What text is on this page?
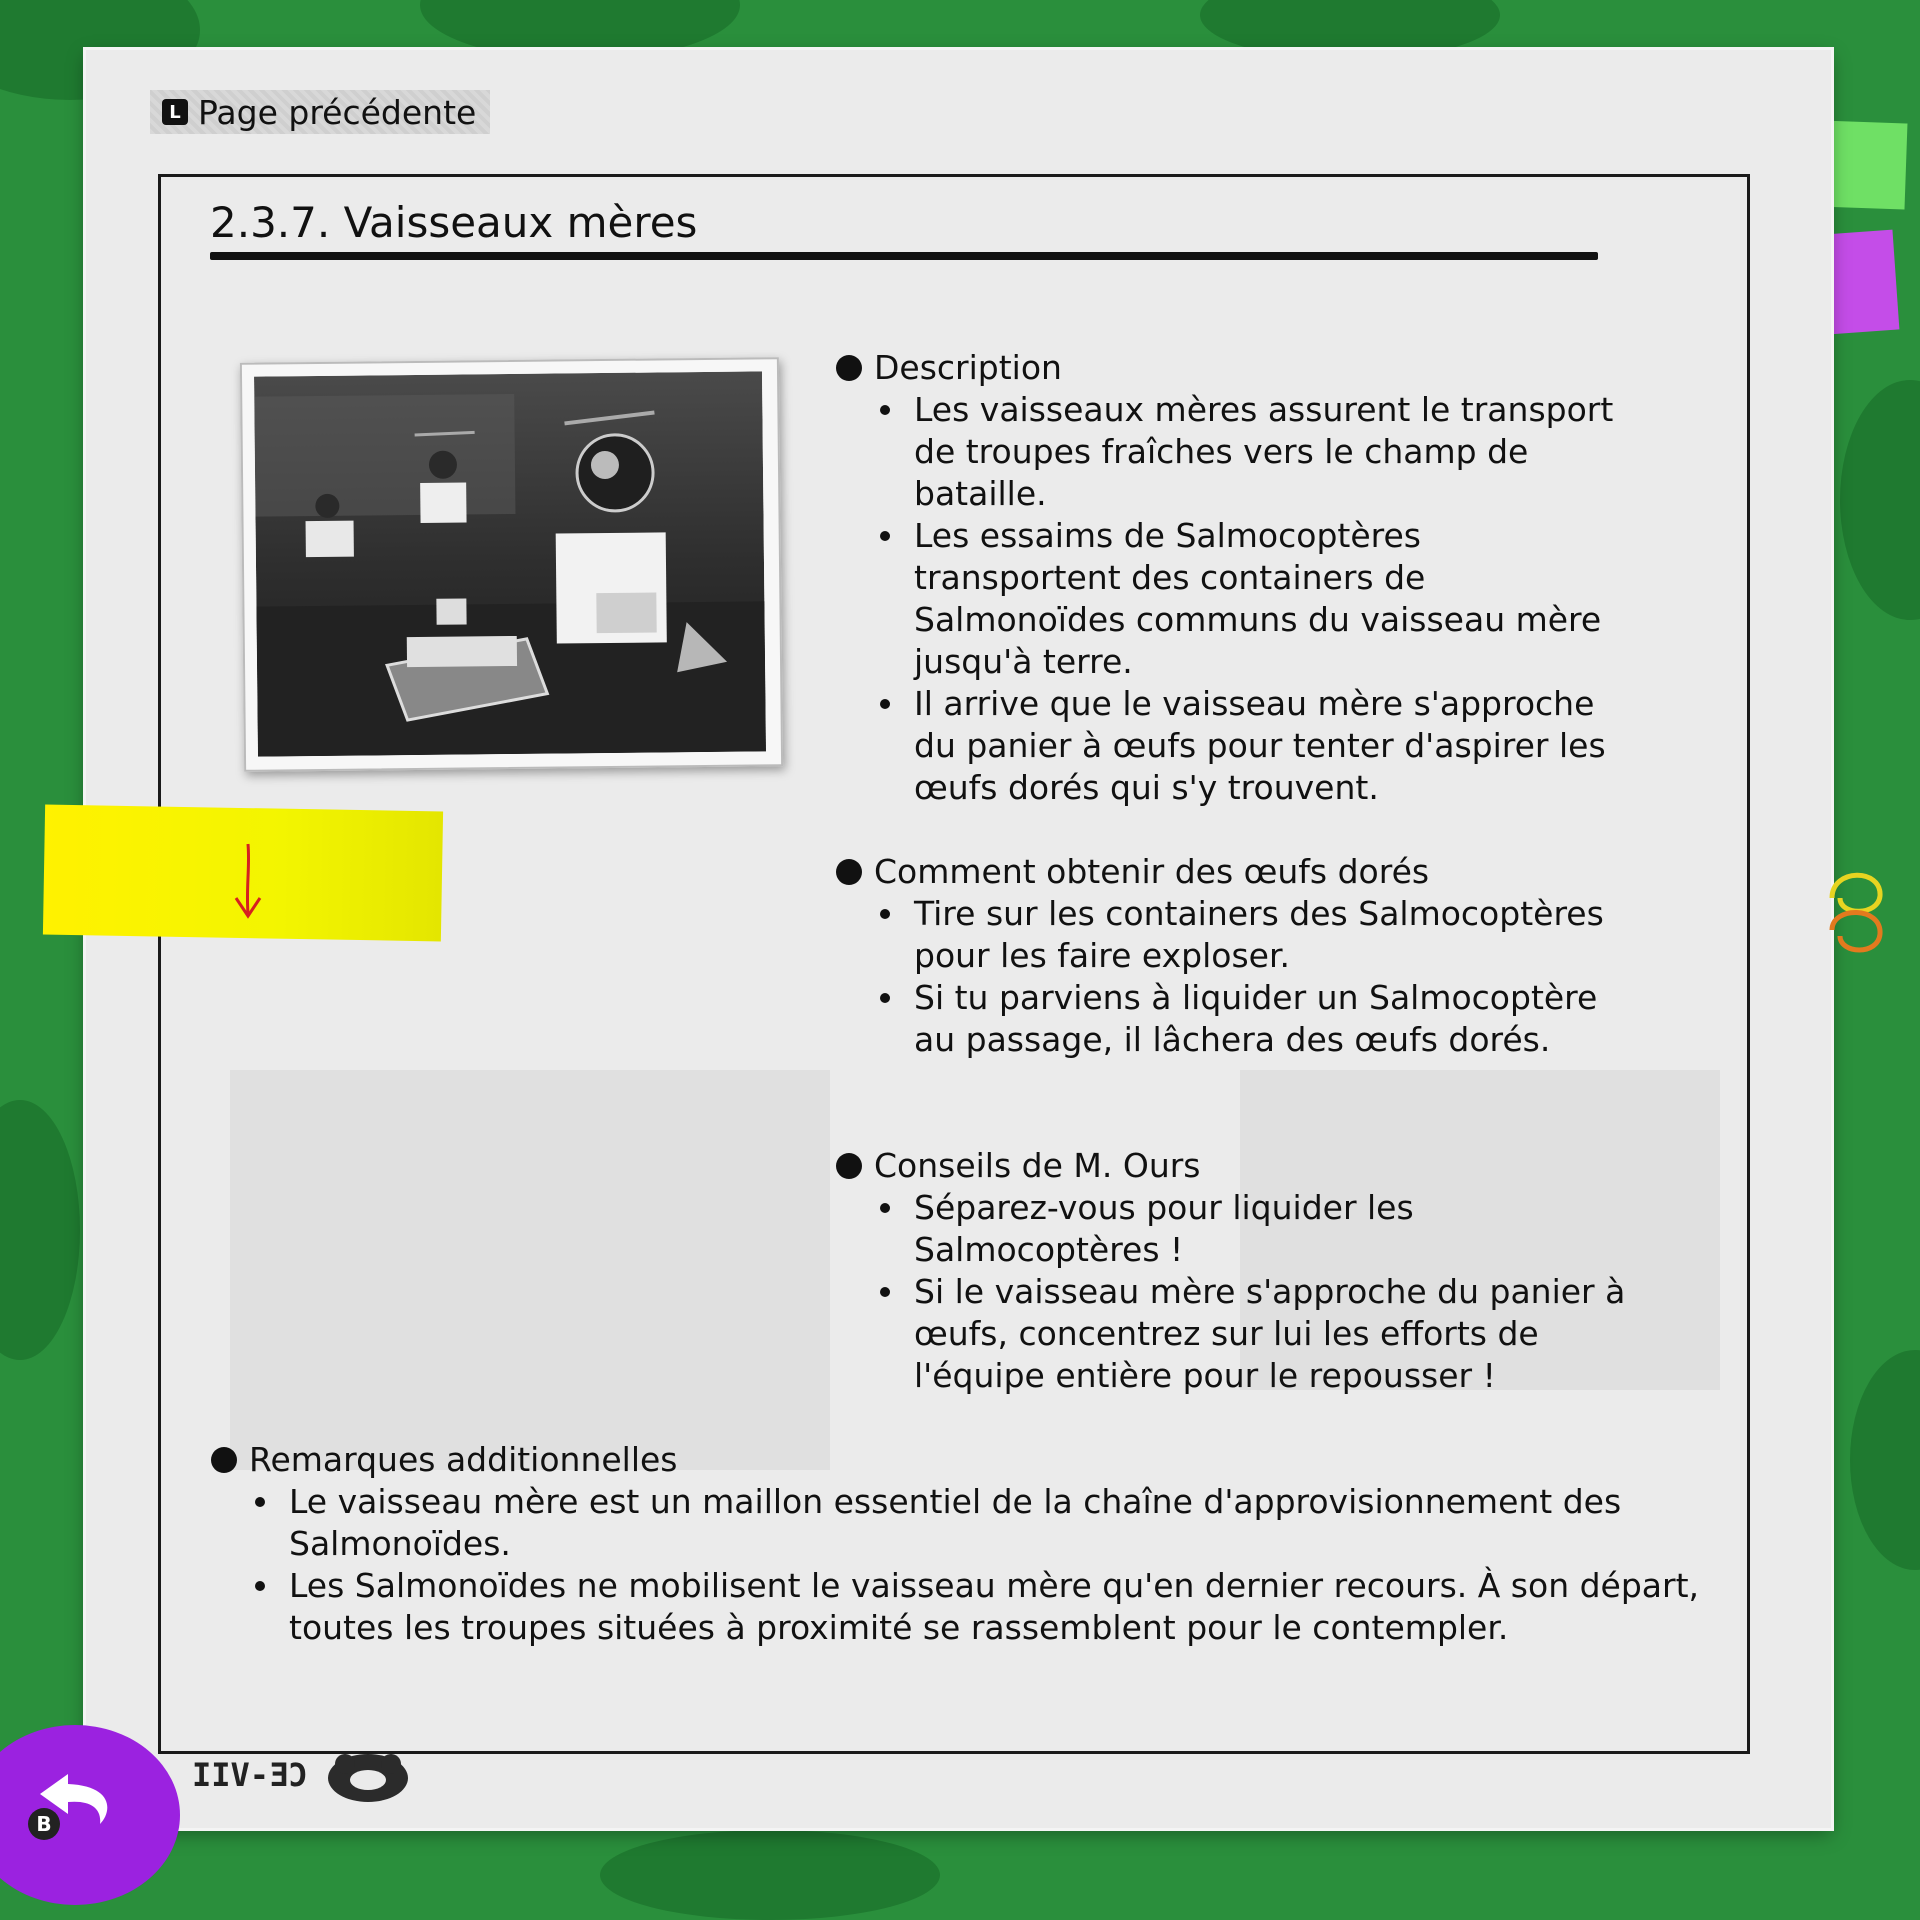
L Page précédente
2.3.7. Vaisseaux mères
Description
Les vaisseaux mères assurent le transport de troupes fraîches vers le champ de bataille.
Les essaims de Salmocoptères transportent des containers de Salmonoïdes communs du vaisseau mère jusqu'à terre.
Il arrive que le vaisseau mère s'approche du panier à œufs pour tenter d'aspirer les œufs dorés qui s'y trouvent.
Comment obtenir des œufs dorés
Tire sur les containers des Salmocoptères pour les faire exploser.
Si tu parviens à liquider un Salmocoptère au passage, il lâchera des œufs dorés.
Conseils de M. Ours
Séparez-vous pour liquider les Salmocoptères !
Si le vaisseau mère s'approche du panier à œufs, concentrez sur lui les efforts de l'équipe entière pour le repousser !
Remarques additionnelles
Le vaisseau mère est un maillon essentiel de la chaîne d'approvisionnement des Salmonoïdes.
Les Salmonoïdes ne mobilisent le vaisseau mère qu'en dernier recours. À son départ, toutes les troupes situées à proximité se rassemblent pour le contempler.
IIV-ƎƆ
B
